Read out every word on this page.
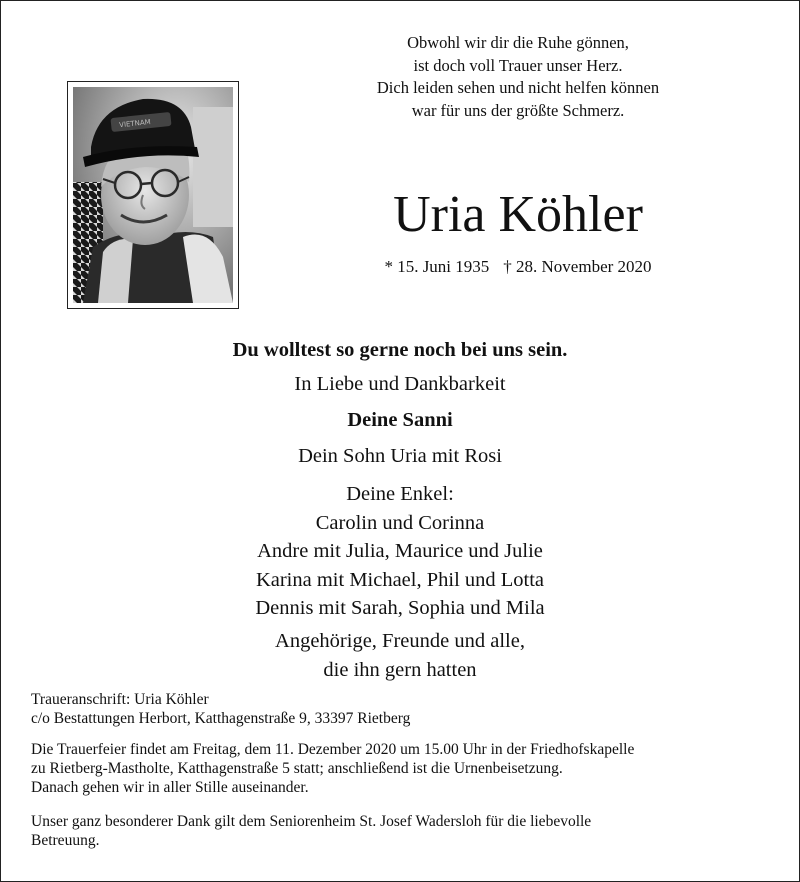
Obwohl wir dir die Ruhe gönnen,
ist doch voll Trauer unser Herz.
Dich leiden sehen und nicht helfen können
war für uns der größte Schmerz.
VIETNAM
Uria Köhler
* 15. Juni 1935 † 28. November 2020
Du wolltest so gerne noch bei uns sein.
In Liebe und Dankbarkeit
Deine Sanni
Dein Sohn Uria mit Rosi
Deine Enkel:
Carolin und Corinna
Andre mit Julia, Maurice und Julie
Karina mit Michael, Phil und Lotta
Dennis mit Sarah, Sophia und Mila
Angehörige, Freunde und alle,
die ihn gern hatten
Traueranschrift: Uria Köhler
c/o Bestattungen Herbort, Katthagenstraße 9, 33397 Rietberg
Die Trauerfeier findet am Freitag, dem 11. Dezember 2020 um 15.00 Uhr in der Friedhofskapelle
zu Rietberg-Mastholte, Katthagenstraße 5 statt; anschließend ist die Urnenbeisetzung.
Danach gehen wir in aller Stille auseinander.
Unser ganz besonderer Dank gilt dem Seniorenheim St. Josef Wadersloh für die liebevolle
Betreuung.
